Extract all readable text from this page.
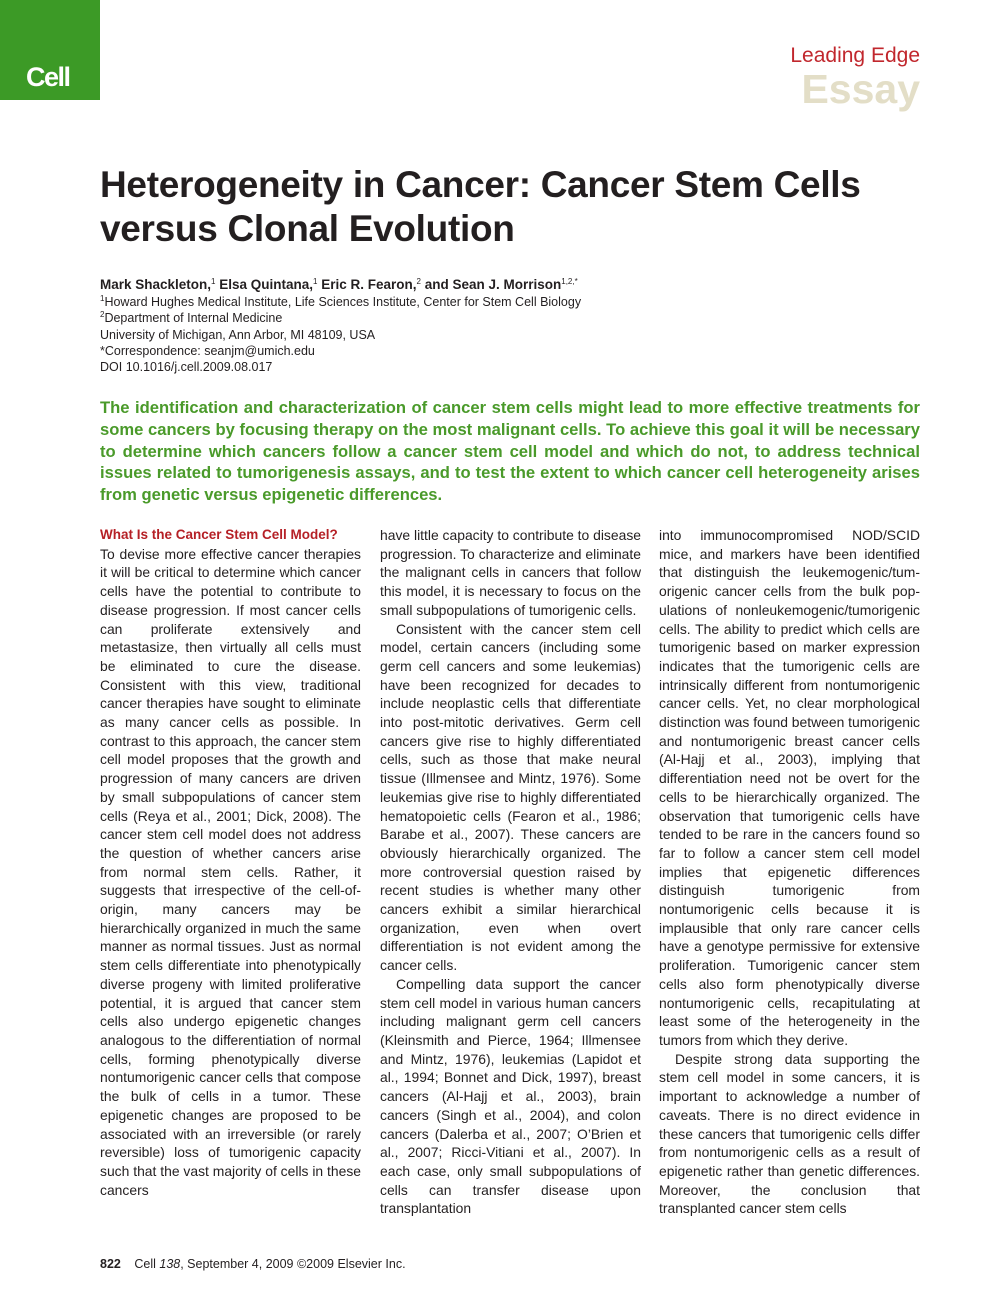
Cell
Leading Edge
Essay
Heterogeneity in Cancer: Cancer Stem Cells versus Clonal Evolution
Mark Shackleton,$^1$ Elsa Quintana,$^1$ Eric R. Fearon,$^2$ and Sean J. Morrison$^{1,2,*}$
$^1$Howard Hughes Medical Institute, Life Sciences Institute, Center for Stem Cell Biology
$^2$Department of Internal Medicine
University of Michigan, Ann Arbor, MI 48109, USA
*Correspondence: seanjm@umich.edu
DOI 10.1016/j.cell.2009.08.017

The identification and characterization of cancer stem cells might lead to more effective treatments for some cancers by focusing therapy on the most malignant cells. To achieve this goal it will be necessary to determine which cancers follow a cancer stem cell model and which do not, to address technical issues related to tumorigenesis assays, and to test the extent to which cancer cell heterogeneity arises from genetic versus epigenetic differences.

What Is the Cancer Stem Cell Model?

To devise more effective cancer therapies it will be critical to determine which cancer cells have the potential to contribute to disease progression. If most cancer cells can proliferate extensively and metastasize, then virtually all cells must be eliminated to cure the disease. Consistent with this view, traditional cancer therapies have sought to eliminate as many cancer cells as possible. In contrast to this approach, the cancer stem cell model proposes that the growth and progression of many cancers are driven by small subpopulations of cancer stem cells (Reya et al., 2001; Dick, 2008). The cancer stem cell model does not address the question of whether cancers arise from normal stem cells. Rather, it suggests that irrespective of the cell-of-origin, many cancers may be hierarchically organized in much the same manner as normal tissues. Just as normal stem cells differentiate into phenotypically diverse progeny with limited proliferative potential, it is argued that cancer stem cells also undergo epigenetic changes analogous to the differentiation of normal cells, forming phenotypically diverse nontumorigenic cancer cells that compose the bulk of cells in a tumor. These epigenetic changes are proposed to be associated with an irreversible (or rarely reversible) loss of tumorigenic capacity such that the vast majority of cells in these cancers

have little capacity to contribute to disease progression. To characterize and eliminate the malignant cells in cancers that follow this model, it is necessary to focus on the small subpopulations of tumorigenic cells.

Consistent with the cancer stem cell model, certain cancers (including some germ cell cancers and some leukemias) have been recognized for decades to include neoplastic cells that differentiate into post-mitotic derivatives. Germ cell cancers give rise to highly differentiated cells, such as those that make neural tissue (Illmensee and Mintz, 1976). Some leukemias give rise to highly differentiated hematopoietic cells (Fearon et al., 1986; Barabe et al., 2007). These cancers are obviously hierarchically organized. The more controversial question raised by recent studies is whether many other cancers exhibit a similar hierarchical organization, even when overt differentiation is not evident among the cancer cells.

Compelling data support the cancer stem cell model in various human cancers including malignant germ cell cancers (Kleinsmith and Pierce, 1964; Illmensee and Mintz, 1976), leukemias (Lapidot et al., 1994; Bonnet and Dick, 1997), breast cancers (Al-Hajj et al., 2003), brain cancers (Singh et al., 2004), and colon cancers (Dalerba et al., 2007; O’Brien et al., 2007; Ricci-Vitiani et al., 2007). In each case, only small subpopulations of cells can transfer disease upon transplantation

into immunocompromised NOD/SCID mice, and markers have been identified that distinguish the leukemogenic/tumorigenic cancer cells from the bulk populations of nonleukemogenic/tumorigenic cells. The ability to predict which cells are tumorigenic based on marker expression indicates that the tumorigenic cells are intrinsically different from nontumorigenic cancer cells. Yet, no clear morphological distinction was found between tumorigenic and nontumorigenic breast cancer cells (Al-Hajj et al., 2003), implying that differentiation need not be overt for the cells to be hierarchically organized. The observation that tumorigenic cells have tended to be rare in the cancers found so far to follow a cancer stem cell model implies that epigenetic differences distinguish tumorigenic from nontumorigenic cells because it is implausible that only rare cancer cells have a genotype permissive for extensive proliferation. Tumorigenic cancer stem cells also form phenotypically diverse nontumorigenic cells, recapitulating at least some of the heterogeneity in the tumors from which they derive.

Despite strong data supporting the stem cell model in some cancers, it is important to acknowledge a number of caveats. There is no direct evidence in these cancers that tumorigenic cells differ from nontumorigenic cells as a result of epigenetic rather than genetic differences. Moreover, the conclusion that transplanted cancer stem cells

822 Cell 138, September 4, 2009 ©2009 Elsevier Inc.
